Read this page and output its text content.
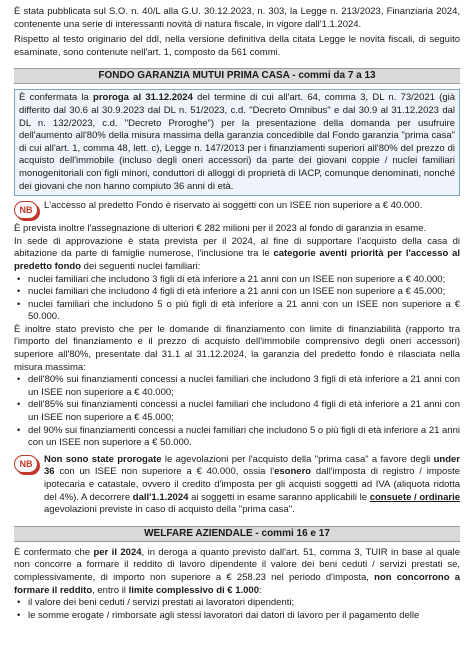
È stata pubblicata sul S.O. n. 40/L alla G.U. 30.12.2023, n. 303, la Legge n. 213/2023, Finanziaria 2024, contenente una serie di interessanti novità di natura fiscale, in vigore dall'1.1.2024.

Rispetto al testo originario del ddl, nella versione definitiva della citata Legge le novità fiscali, di seguito esaminate, sono contenute nell'art. 1, composto da 561 commi.

FONDO GARANZIA MUTUI PRIMA CASA - commi da 7 a 13

È confermata la proroga al 31.12.2024 del termine di cui all'art. 64, comma 3, DL n. 73/2021 (già differito dal 30.6 al 30.9.2023 dal DL n. 51/2023, c.d. "Decreto Omnibus" e dal 30.9 al 31.12.2023 dal DL n. 132/2023, c.d. "Decreto Proroghe") per la presentazione della domanda per usufruire dell'aumento all'80% della misura massima della garanzia concedibile dal Fondo garanzia "prima casa" di cui all'art. 1, comma 48, lett. c), Legge n. 147/2013 per i finanziamenti superiori all'80% del prezzo di acquisto dell'immobile (incluso degli oneri accessori) da parte dei giovani coppie / nuclei familiari monogenitoriali con figli minori, conduttori di alloggi di proprietà di IACP, comunque denominati, nonché dei giovani che non hanno compiuto 36 anni di età.

NB	L'accesso al predetto Fondo è riservato ai soggetti con un ISEE non superiore a € 40.000.

È prevista inoltre l'assegnazione di ulteriori € 282 milioni per il 2023 al fondo di garanzia in esame.

In sede di approvazione è stata prevista per il 2024, al fine di supportare l'acquisto della casa di abitazione da parte di famiglie numerose, l'inclusione tra le categorie aventi priorità per l'accesso al predetto fondo dei seguenti nuclei familiari:

• nuclei familiari che includono 3 figli di età inferiore a 21 anni con un ISEE non superiore a € 40.000;
• nuclei familiari che includono 4 figli di età inferiore a 21 anni con un ISEE non superiore a € 45.000;
• nuclei familiari che includono 5 o più figli di età inferiore a 21 anni con un ISEE non superiore a € 50.000.

È inoltre stato previsto che per le domande di finanziamento con limite di finanziabilità (rapporto tra l'importo del finanziamento e il prezzo di acquisto dell'immobile comprensivo degli oneri accessori) superiore all'80%, presentate dal 31.1 al 31.12.2024, la garanzia del predetto fondo è rilasciata nella misura massima:

• dell'80% sui finanziamenti concessi a nuclei familiari che includono 3 figli di età inferiore a 21 anni con un ISEE non superiore a € 40.000;
• dell'85% sui finanziamenti concessi a nuclei familiari che includono 4 figli di età inferiore a 21 anni con un ISEE non superiore a € 45.000;
• del 90% sui finanziamenti concessi a nuclei familiari che includono 5 o più figli di età inferiore a 21 anni con un ISEE non superiore a € 50.000.
NB	Non sono state prorogate le agevolazioni per l'acquisto della "prima casa" a favore degli under 36 con un ISEE non superiore a € 40.000, ossia l'esonero dall'imposta di registro / imposte ipotecaria e catastale, ovvero il credito d'imposta per gli acquisti soggetti ad IVA (aliquota ridotta del 4%). A decorrere dall'1.1.2024 ai soggetti in esame saranno applicabili le consuete / ordinarie agevolazioni previste in caso di acquisto della "prima casa".

WELFARE AZIENDALE - commi 16 e 17

È confermato che per il 2024, in deroga a quanto previsto dall'art. 51, comma 3, TUIR in base al quale non concorre a formare il reddito di lavoro dipendente il valore dei beni ceduti / servizi prestati se, complessivamente, di importo non superiore a € 258.23 nel periodo d'imposta, non concorrono a formare il reddito, entro il limite complessivo di € 1.000:

• il valore dei beni ceduti / servizi prestati ai lavoratori dipendenti;
• le somme erogate / rimborsate agli stessi lavoratori dai datori di lavoro per il pagamento delle
